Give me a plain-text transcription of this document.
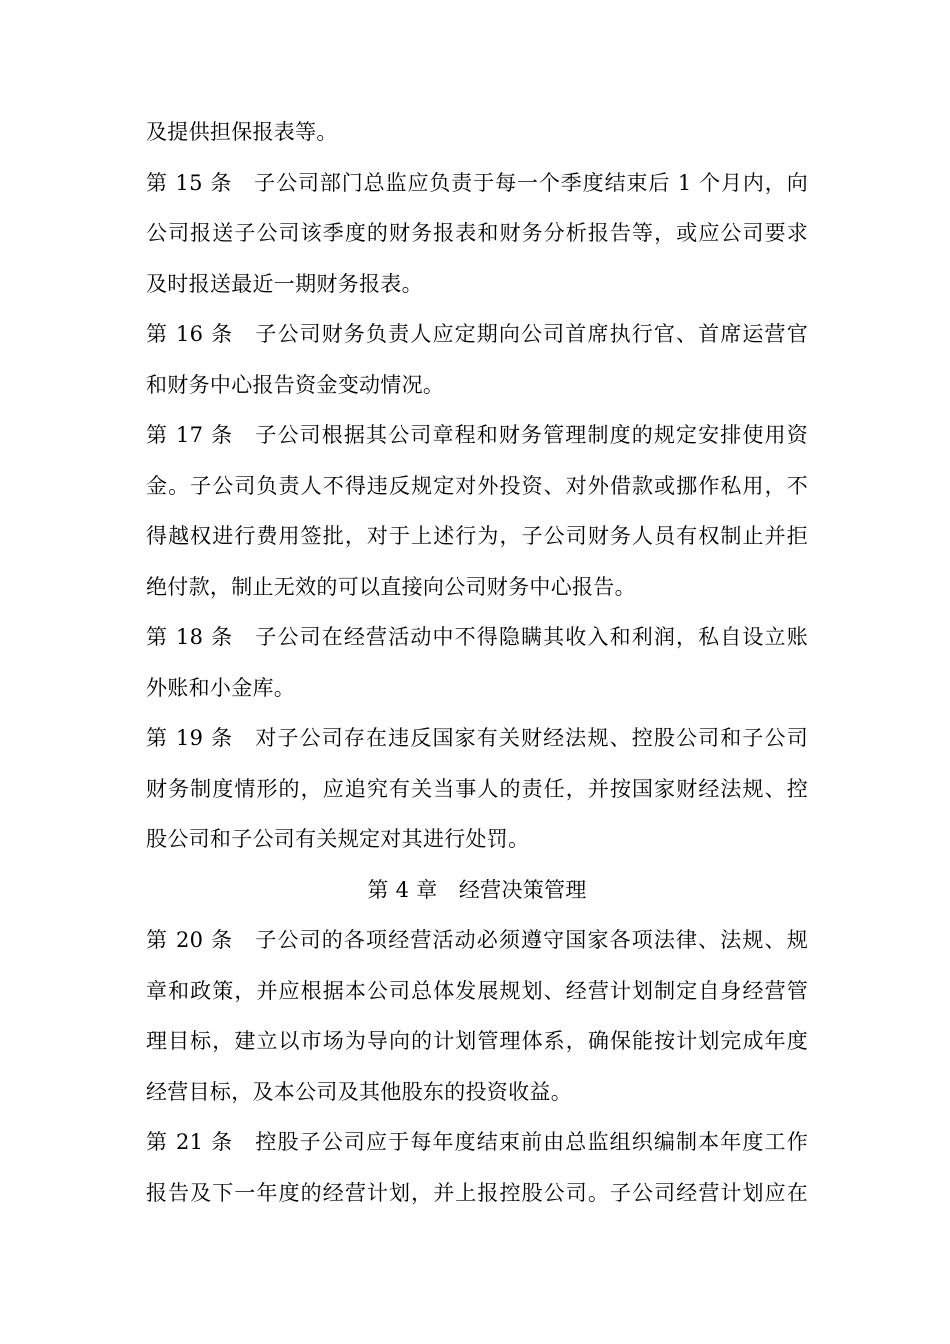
及提供担保报表等。
第 15 条　子公司部门总监应负责于每一个季度结束后 1 个月内，向
公司报送子公司该季度的财务报表和财务分析报告等，或应公司要求
及时报送最近一期财务报表。
第 16 条　子公司财务负责人应定期向公司首席执行官、首席运营官
和财务中心报告资金变动情况。
第 17 条　子公司根据其公司章程和财务管理制度的规定安排使用资
金。子公司负责人不得违反规定对外投资、对外借款或挪作私用，不
得越权进行费用签批，对于上述行为，子公司财务人员有权制止并拒
绝付款，制止无效的可以直接向公司财务中心报告。
第 18 条　子公司在经营活动中不得隐瞒其收入和利润，私自设立账
外账和小金库。
第 19 条　对子公司存在违反国家有关财经法规、控股公司和子公司
财务制度情形的，应追究有关当事人的责任，并按国家财经法规、控
股公司和子公司有关规定对其进行处罚。
第 4 章　经营决策管理
第 20 条　子公司的各项经营活动必须遵守国家各项法律、法规、规
章和政策，并应根据本公司总体发展规划、经营计划制定自身经营管
理目标，建立以市场为导向的计划管理体系，确保能按计划完成年度
经营目标，及本公司及其他股东的投资收益。
第 21 条　控股子公司应于每年度结束前由总监组织编制本年度工作
报告及下一年度的经营计划，并上报控股公司。子公司经营计划应在
